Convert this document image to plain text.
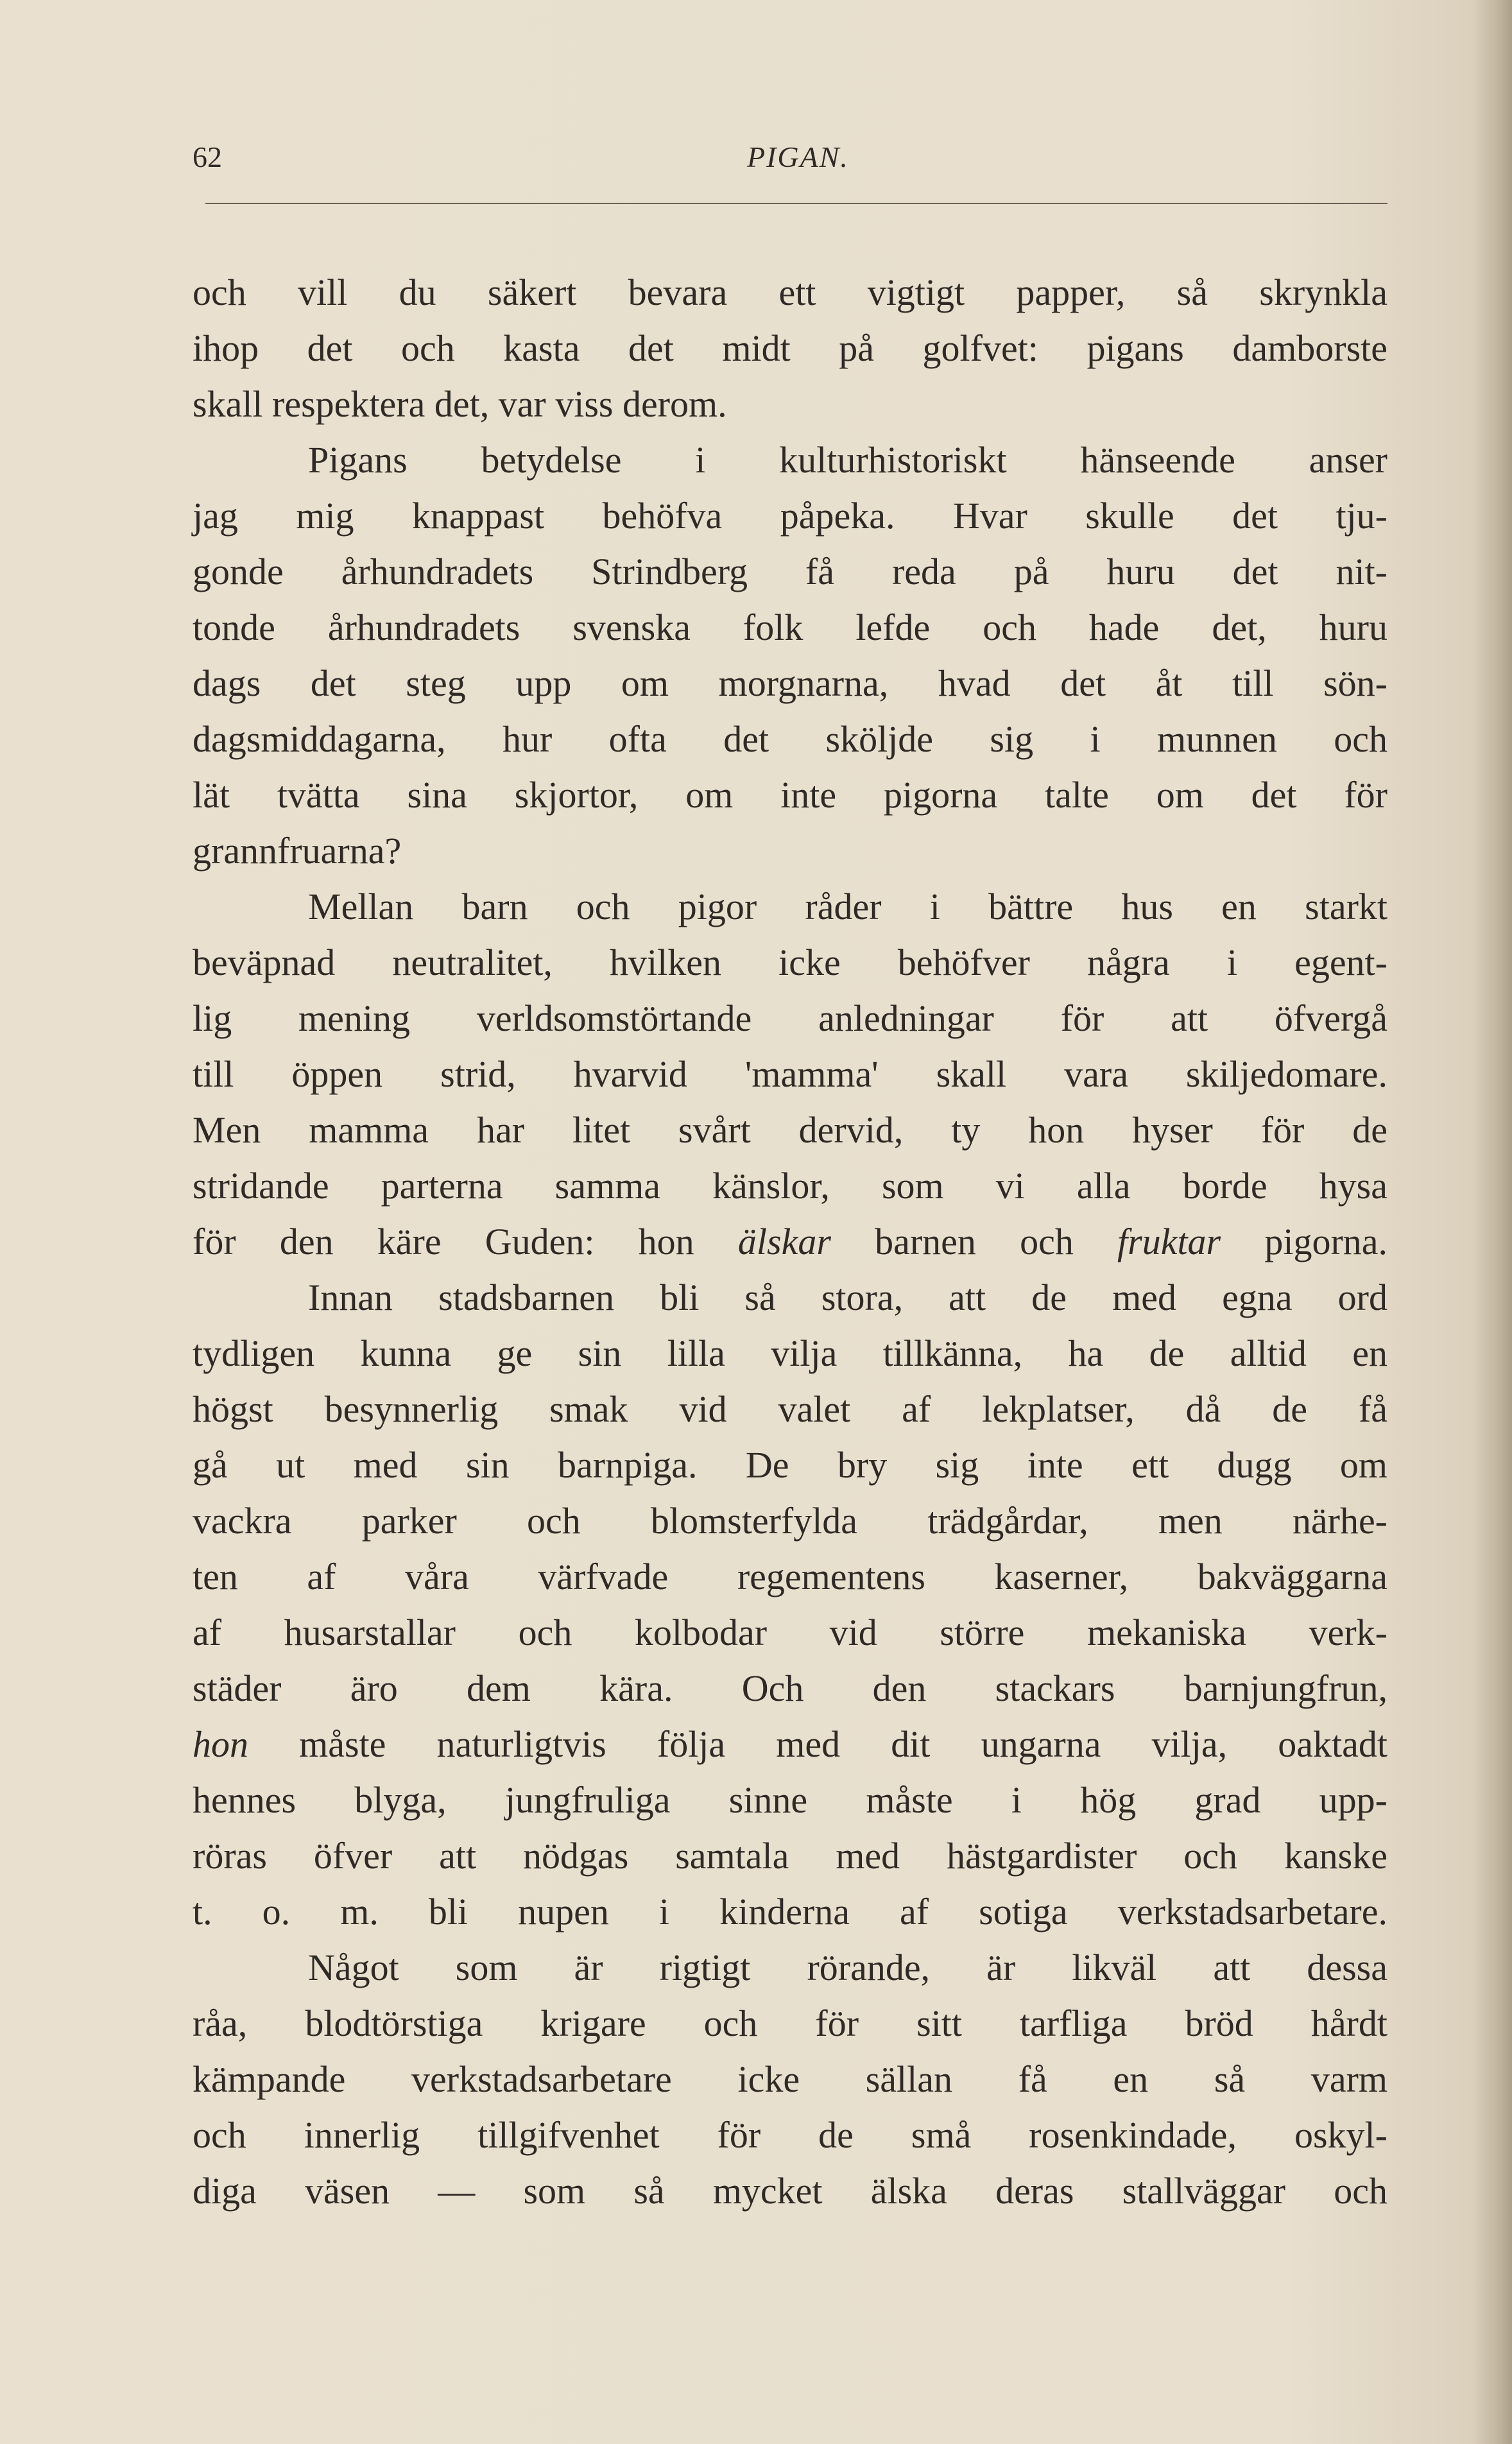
62	PIGAN.
och vill du säkert bevara ett vigtigt papper, så skrynkla
ihop det och kasta det midt på golfvet: pigans damborste
skall respektera det, var viss derom.
Pigans betydelse i kulturhistoriskt hänseende anser
jag mig knappast behöfva påpeka. Hvar skulle det tju-
gonde århundradets Strindberg få reda på huru det nit-
tonde århundradets svenska folk lefde och hade det, huru
dags det steg upp om morgnarna, hvad det åt till sön-
dagsmiddagarna, hur ofta det sköljde sig i munnen och
lät tvätta sina skjortor, om inte pigorna talte om det för
grannfruarna?
Mellan barn och pigor råder i bättre hus en starkt
beväpnad neutralitet, hvilken icke behöfver några i egent-
lig mening verldsomstörtande anledningar för att öfvergå
till öppen strid, hvarvid 'mamma' skall vara skiljedomare.
Men mamma har litet svårt dervid, ty hon hyser för de
stridande parterna samma känslor, som vi alla borde hysa
för den käre Guden: hon älskar barnen och fruktar pigorna.
Innan stadsbarnen bli så stora, att de med egna ord
tydligen kunna ge sin lilla vilja tillkänna, ha de alltid en
högst besynnerlig smak vid valet af lekplatser, då de få
gå ut med sin barnpiga. De bry sig inte ett dugg om
vackra parker och blomsterfylda trädgårdar, men närhe-
ten af våra värfvade regementens kaserner, bakväggarna
af husarstallar och kolbodar vid större mekaniska verk-
städer äro dem kära. Och den stackars barnjungfrun,
hon måste naturligtvis följa med dit ungarna vilja, oaktadt
hennes blyga, jungfruliga sinne måste i hög grad upp-
röras öfver att nödgas samtala med hästgardister och kanske
t. o. m. bli nupen i kinderna af sotiga verkstadsarbetare.
Något som är rigtigt rörande, är likväl att dessa
råa, blodtörstiga krigare och för sitt tarfliga bröd hårdt
kämpande verkstadsarbetare icke sällan få en så varm
och innerlig tillgifvenhet för de små rosenkindade, oskyl-
diga väsen — som så mycket älska deras stallväggar och
